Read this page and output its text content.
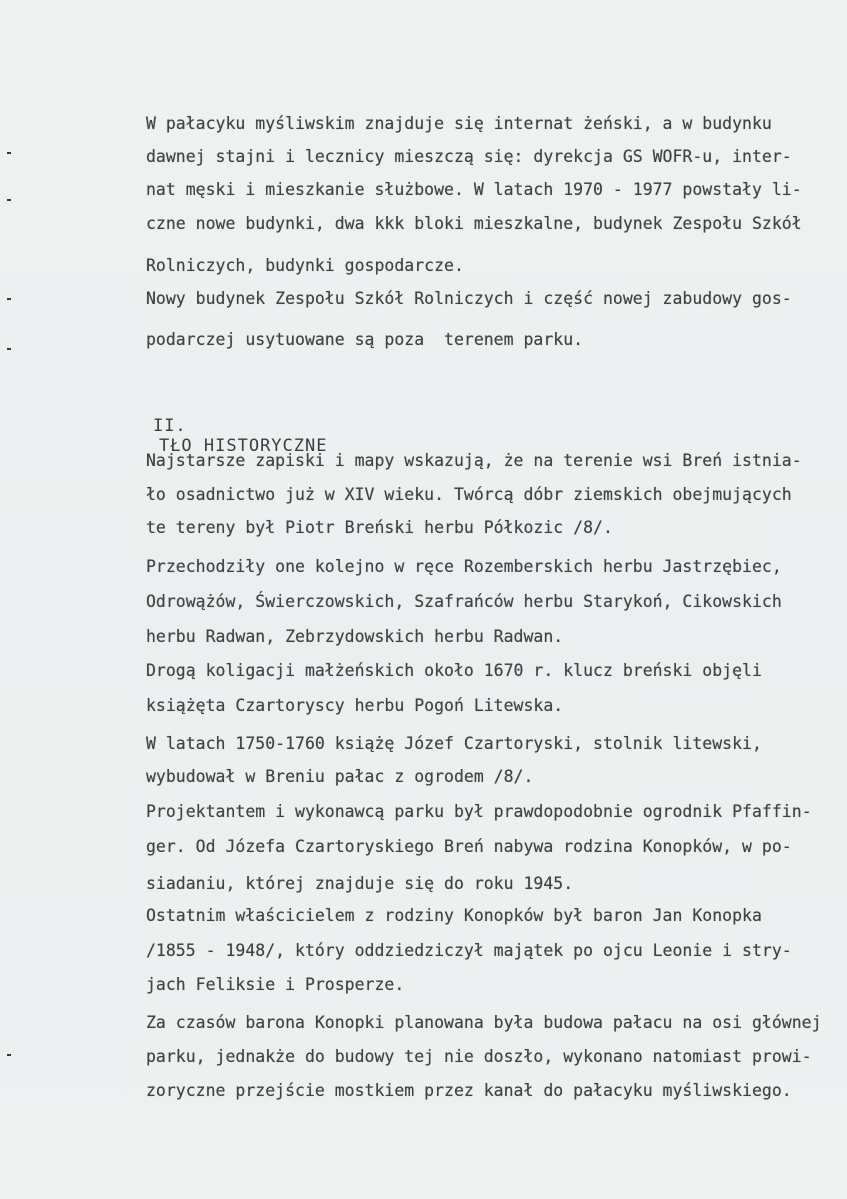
W pałacyku myśliwskim znajduje się internat żeński, a w budynku
dawnej stajni i lecznicy mieszczą się: dyrekcja GS WOFR-u, inter-
nat męski i mieszkanie służbowe. W latach 1970 - 1977 powstały li-
czne nowe budynki, dwa kkk bloki mieszkalne, budynek Zespołu Szkół
Rolniczych, budynki gospodarcze.
Nowy budynek Zespołu Szkół Rolniczych i część nowej zabudowy gos-
podarczej usytuowane są poza  terenem parku.

II.
TŁO HISTORYCZNE

Najstarsze zapiski i mapy wskazują, że na terenie wsi Breń istnia-
ło osadnictwo już w XIV wieku. Twórcą dóbr ziemskich obejmujących
te tereny był Piotr Breński herbu Półkozic /8/.
Przechodziły one kolejno w ręce Rozemberskich herbu Jastrzębiec,
Odrowążów, Świerczowskich, Szafrańców herbu Starykoń, Cikowskich
herbu Radwan, Zebrzydowskich herbu Radwan.
Drogą koligacji małżeńskich około 1670 r. klucz breński objęli
książęta Czartoryscy herbu Pogoń Litewska.
W latach 1750-1760 książę Józef Czartoryski, stolnik litewski,
wybudował w Breniu pałac z ogrodem /8/.
Projektantem i wykonawcą parku był prawdopodobnie ogrodnik Pfaffin-
ger. Od Józefa Czartoryskiego Breń nabywa rodzina Konopków, w po-
siadaniu, której znajduje się do roku 1945.
Ostatnim właścicielem z rodziny Konopków był baron Jan Konopka
/1855 - 1948/, który oddziedziczył majątek po ojcu Leonie i stry-
jach Feliksie i Prosperze.
Za czasów barona Konopki planowana była budowa pałacu na osi głównej
parku, jednakże do budowy tej nie doszło, wykonano natomiast prowi-
zoryczne przejście mostkiem przez kanał do pałacyku myśliwskiego.
